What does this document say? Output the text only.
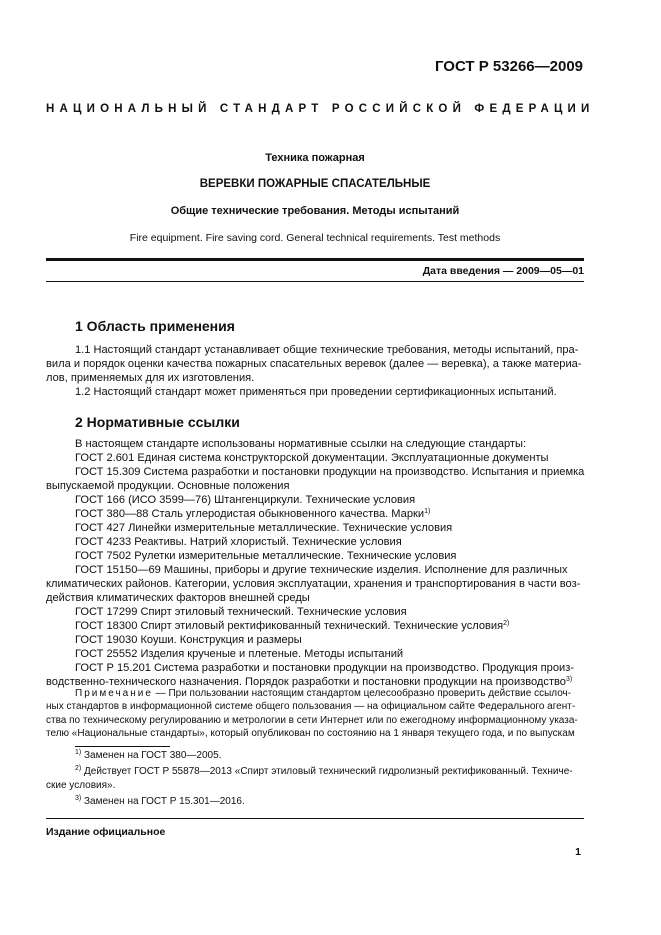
ГОСТ Р 53266—2009
НАЦИОНАЛЬНЫЙ СТАНДАРТ РОССИЙСКОЙ ФЕДЕРАЦИИ
Техника пожарная
ВЕРЕВКИ ПОЖАРНЫЕ СПАСАТЕЛЬНЫЕ
Общие технические требования. Методы испытаний
Fire equipment. Fire saving cord. General technical requirements. Test methods
Дата введения — 2009—05—01
1 Область применения
1.1 Настоящий стандарт устанавливает общие технические требования, методы испытаний, пра-
вила и порядок оценки качества пожарных спасательных веревок (далее — веревка), а также материа-
лов, применяемых для их изготовления.
1.2 Настоящий стандарт может применяться при проведении сертификационных испытаний.
2 Нормативные ссылки
В настоящем стандарте использованы нормативные ссылки на следующие стандарты:
ГОСТ 2.601 Единая система конструкторской документации. Эксплуатационные документы
ГОСТ 15.309 Система разработки и постановки продукции на производство. Испытания и приемка
выпускаемой продукции. Основные положения
ГОСТ 166 (ИСО 3599—76) Штангенциркули. Технические условия
ГОСТ 380—88 Сталь углеродистая обыкновенного качества. Марки$^{1)}$
ГОСТ 427 Линейки измерительные металлические. Технические условия
ГОСТ 4233 Реактивы. Натрий хлористый. Технические условия
ГОСТ 7502 Рулетки измерительные металлические. Технические условия
ГОСТ 15150—69 Машины, приборы и другие технические изделия. Исполнение для различных
климатических районов. Категории, условия эксплуатации, хранения и транспортирования в части воз-
действия климатических факторов внешней среды
ГОСТ 17299 Спирт этиловый технический. Технические условия
ГОСТ 18300 Спирт этиловый ректификованный технический. Технические условия$^{2)}$
ГОСТ 19030 Коуши. Конструкция и размеры
ГОСТ 25552 Изделия крученые и плетеные. Методы испытаний
ГОСТ Р 15.201 Система разработки и постановки продукции на производство. Продукция произ-
водственно-технического назначения. Порядок разработки и постановки продукции на производство$^{3)}$
Примечание — При пользовании настоящим стандартом целесообразно проверить действие ссылоч-
ных стандартов в информационной системе общего пользования — на официальном сайте Федерального агент-
ства по техническому регулированию и метрологии в сети Интернет или по ежегодному информационному указа-
телю «Национальные стандарты», который опубликован по состоянию на 1 января текущего года, и по выпускам
$^{1)}$ Заменен на ГОСТ 380—2005.
$^{2)}$ Действует ГОСТ Р 55878—2013 «Спирт этиловый технический гидролизный ректификованный. Техниче-
ские условия».
$^{3)}$ Заменен на ГОСТ Р 15.301—2016.
Издание официальное
1
